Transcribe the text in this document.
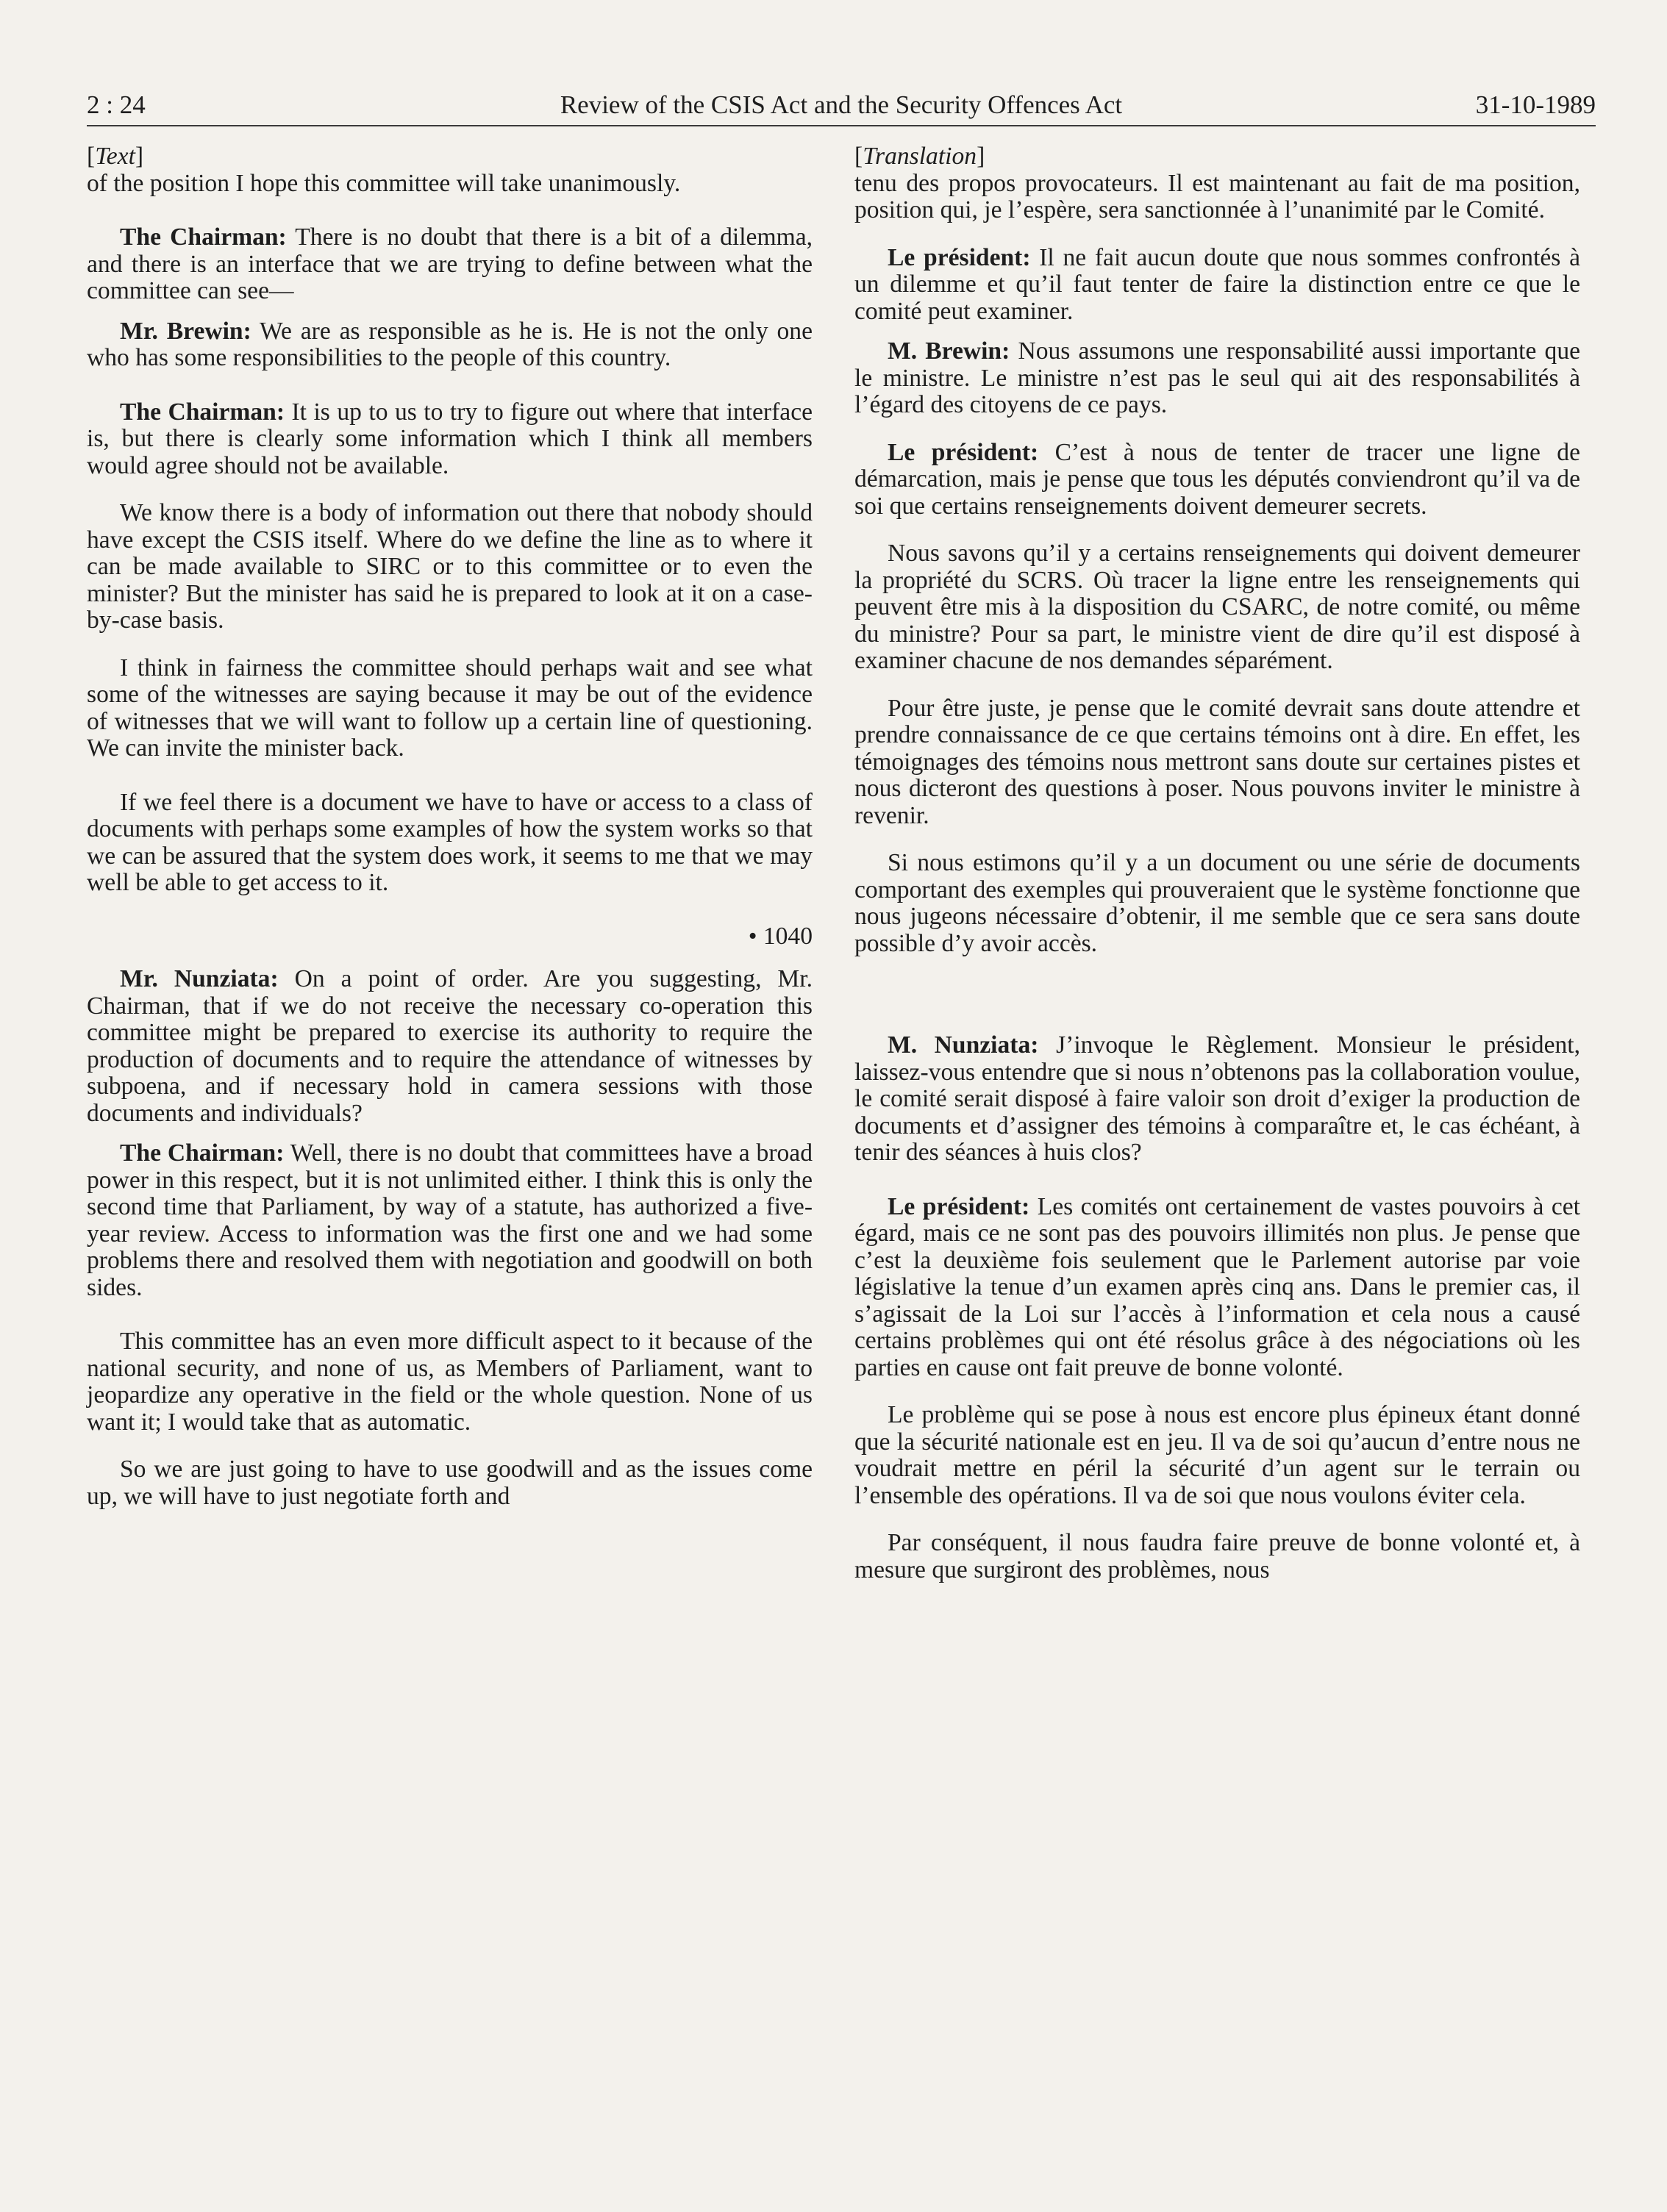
2 : 24	Review of the CSIS Act and the Security Offences Act	31-10-1989

[Text]

of the position I hope this committee will take unanimously.

The Chairman: There is no doubt that there is a bit of a dilemma, and there is an interface that we are trying to define between what the committee can see—

Mr. Brewin: We are as responsible as he is. He is not the only one who has some responsibilities to the people of this country.

The Chairman: It is up to us to try to figure out where that interface is, but there is clearly some information which I think all members would agree should not be available.

We know there is a body of information out there that nobody should have except the CSIS itself. Where do we define the line as to where it can be made available to SIRC or to this committee or to even the minister? But the minister has said he is prepared to look at it on a case-by-case basis.

I think in fairness the committee should perhaps wait and see what some of the witnesses are saying because it may be out of the evidence of witnesses that we will want to follow up a certain line of questioning. We can invite the minister back.

If we feel there is a document we have to have or access to a class of documents with perhaps some examples of how the system works so that we can be assured that the system does work, it seems to me that we may well be able to get access to it.

• 1040

Mr. Nunziata: On a point of order. Are you suggesting, Mr. Chairman, that if we do not receive the necessary co-operation this committee might be prepared to exercise its authority to require the production of documents and to require the attendance of witnesses by subpoena, and if necessary hold in camera sessions with those documents and individuals?

The Chairman: Well, there is no doubt that committees have a broad power in this respect, but it is not unlimited either. I think this is only the second time that Parliament, by way of a statute, has authorized a five-year review. Access to information was the first one and we had some problems there and resolved them with negotiation and goodwill on both sides.

This committee has an even more difficult aspect to it because of the national security, and none of us, as Members of Parliament, want to jeopardize any operative in the field or the whole question. None of us want it; I would take that as automatic.

So we are just going to have to use goodwill and as the issues come up, we will have to just negotiate forth and

[Translation]

tenu des propos provocateurs. Il est maintenant au fait de ma position, position qui, je l’espère, sera sanctionnée à l’unanimité par le Comité.

Le président: Il ne fait aucun doute que nous sommes confrontés à un dilemme et qu’il faut tenter de faire la distinction entre ce que le comité peut examiner.

M. Brewin: Nous assumons une responsabilité aussi importante que le ministre. Le ministre n’est pas le seul qui ait des responsabilités à l’égard des citoyens de ce pays.

Le président: C’est à nous de tenter de tracer une ligne de démarcation, mais je pense que tous les députés conviendront qu’il va de soi que certains renseignements doivent demeurer secrets.

Nous savons qu’il y a certains renseignements qui doivent demeurer la propriété du SCRS. Où tracer la ligne entre les renseignements qui peuvent être mis à la disposition du CSARC, de notre comité, ou même du ministre? Pour sa part, le ministre vient de dire qu’il est disposé à examiner chacune de nos demandes séparément.

Pour être juste, je pense que le comité devrait sans doute attendre et prendre connaissance de ce que certains témoins ont à dire. En effet, les témoignages des témoins nous mettront sans doute sur certaines pistes et nous dicteront des questions à poser. Nous pouvons inviter le ministre à revenir.

Si nous estimons qu’il y a un document ou une série de documents comportant des exemples qui prouveraient que le système fonctionne que nous jugeons nécessaire d’obtenir, il me semble que ce sera sans doute possible d’y avoir accès.

M. Nunziata: J’invoque le Règlement. Monsieur le président, laissez-vous entendre que si nous n’obtenons pas la collaboration voulue, le comité serait disposé à faire valoir son droit d’exiger la production de documents et d’assigner des témoins à comparaître et, le cas échéant, à tenir des séances à huis clos?

Le président: Les comités ont certainement de vastes pouvoirs à cet égard, mais ce ne sont pas des pouvoirs illimités non plus. Je pense que c’est la deuxième fois seulement que le Parlement autorise par voie législative la tenue d’un examen après cinq ans. Dans le premier cas, il s’agissait de la Loi sur l’accès à l’information et cela nous a causé certains problèmes qui ont été résolus grâce à des négociations où les parties en cause ont fait preuve de bonne volonté.

Le problème qui se pose à nous est encore plus épineux étant donné que la sécurité nationale est en jeu. Il va de soi qu’aucun d’entre nous ne voudrait mettre en péril la sécurité d’un agent sur le terrain ou l’ensemble des opérations. Il va de soi que nous voulons éviter cela.

Par conséquent, il nous faudra faire preuve de bonne volonté et, à mesure que surgiront des problèmes, nous
